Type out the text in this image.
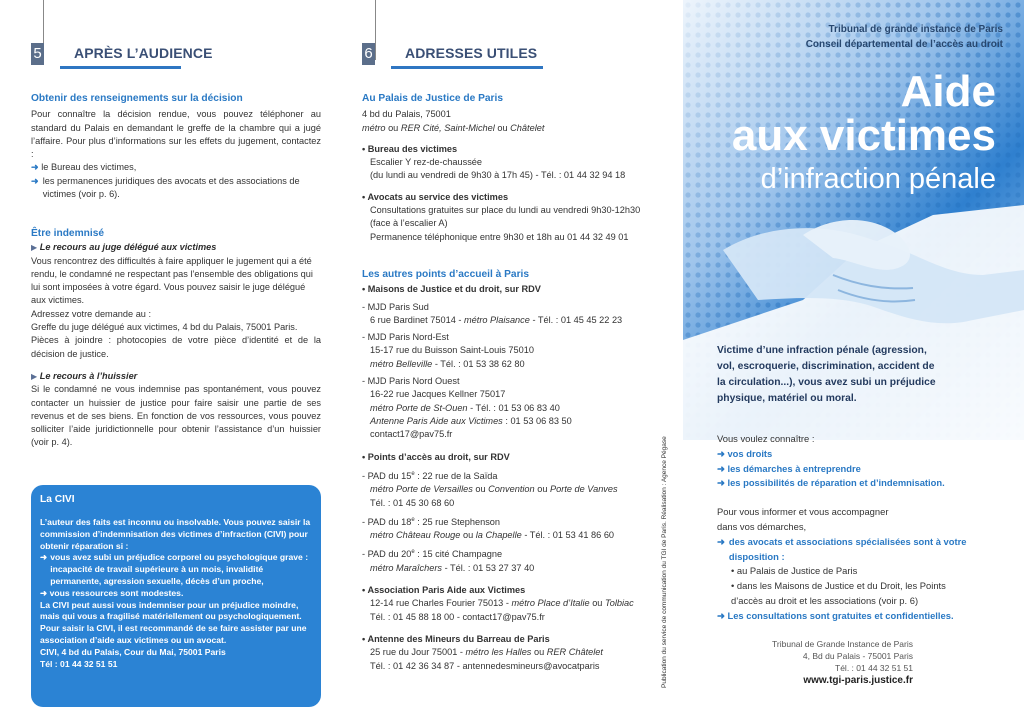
5 APRÈS L’AUDIENCE
Obtenir des renseignements sur la décision
Pour connaître la décision rendue, vous pouvez téléphoner au standard du Palais en demandant le greffe de la chambre qui a jugé l’affaire. Pour plus d’informations sur les effets du jugement, contactez :
➜ le Bureau des victimes,
➜ les permanences juridiques des avocats et des associations de victimes (voir p. 6).
Être indemnisé
▶ Le recours au juge délégué aux victimes
Vous rencontrez des difficultés à faire appliquer le jugement qui a été rendu, le condamné ne respectant pas l’ensemble des obligations qui lui sont imposées à votre égard. Vous pouvez saisir le juge délégué aux victimes.
Adressez votre demande au :
Greffe du juge délégué aux victimes, 4 bd du Palais, 75001 Paris.
Pièces à joindre : photocopies de votre pièce d’identité et de la décision de justice.
▶ Le recours à l’huissier
Si le condamné ne vous indemnise pas spontanément, vous pouvez contacter un huissier de justice pour faire saisir une partie de ses revenus et de ses biens. En fonction de vos ressources, vous pouvez solliciter l’aide juridictionnelle pour obtenir l’assistance d’un huissier (voir p. 4).
La CIVI
L’auteur des faits est inconnu ou insolvable. Vous pouvez saisir la commission d’indemnisation des victimes d’infraction (CIVI) pour obtenir réparation si :
➜ vous avez subi un préjudice corporel ou psychologique grave : incapacité de travail supérieure à un mois, invalidité permanente, agression sexuelle, décès d’un proche,
➜ vous ressources sont modestes.
La CIVI peut aussi vous indemniser pour un préjudice moindre, mais qui vous a fragilisé matériellement ou psychologiquement.
Pour saisir la CIVI, il est recommandé de se faire assister par une association d’aide aux victimes ou un avocat.
CIVI, 4 bd du Palais, Cour du Mai, 75001 Paris
Tél : 01 44 32 51 51
6 ADRESSES UTILES
Au Palais de Justice de Paris
4 bd du Palais, 75001
métro ou RER Cité, Saint-Michel ou Châtelet
• Bureau des victimes
Escalier Y rez-de-chaussée
(du lundi au vendredi de 9h30 à 17h 45) - Tél. : 01 44 32 94 18
• Avocats au service des victimes
Consultations gratuites sur place du lundi au vendredi 9h30-12h30
(face à l’escalier A)
Permanence téléphonique entre 9h30 et 18h au 01 44 32 49 01
Les autres points d’accueil à Paris
• Maisons de Justice et du droit, sur RDV
- MJD Paris Sud
6 rue Bardinet 75014 - métro Plaisance - Tél. : 01 45 45 22 23
- MJD Paris Nord-Est
15-17 rue du Buisson Saint-Louis 75010
métro Belleville - Tél. : 01 53 38 62 80
- MJD Paris Nord Ouest
16-22 rue Jacques Kellner 75017
métro Porte de St-Ouen - Tél. : 01 53 06 83 40
Antenne Paris Aide aux Victimes : 01 53 06 83 50
contact17@pav75.fr
• Points d’accès au droit, sur RDV
- PAD du 15e : 22 rue de la Saïda
métro Porte de Versailles ou Convention ou Porte de Vanves
Tél. : 01 45 30 68 60
- PAD du 18e : 25 rue Stephenson
métro Château Rouge ou la Chapelle - Tél. : 01 53 41 86 60
- PAD du 20e : 15 cité Champagne
métro Maraîchers - Tél. : 01 53 27 37 40
• Association Paris Aide aux Victimes
12-14 rue Charles Fourier 75013 - métro Place d’Italie ou Tolbiac
Tél. : 01 45 88 18 00 - contact17@pav75.fr
• Antenne des Mineurs du Barreau de Paris
25 rue du Jour 75001 - métro les Halles ou RER Châtelet
Tél. : 01 42 36 34 87 - antennedesmineurs@avocatparis	Publication du service de communication du TGI de Paris. Réalisation : Agence Pégase
Tribunal de grande instance de Paris
Conseil départemental de l’accès au droit
Aide
aux victimes
d’infraction pénale
Victime d’une infraction pénale (agression, vol, escroquerie, discrimination, accident de la circulation...), vous avez subi un préjudice physique, matériel ou moral.
Vous voulez connaître :
➜ vos droits
➜ les démarches à entreprendre
➜ les possibilités de réparation et d’indemnisation.
Pour vous informer et vous accompagner
dans vos démarches,
➜ des avocats et associations spécialisées sont à votre disposition :
• au Palais de Justice de Paris
• dans les Maisons de Justice et du Droit, les Points d’accès au droit et les associations (voir p. 6)
➜ Les consultations sont gratuites et confidentielles.
Tribunal de Grande Instance de Paris
4, Bd du Palais - 75001 Paris
Tél. : 01 44 32 51 51
www.tgi-paris.justice.fr
